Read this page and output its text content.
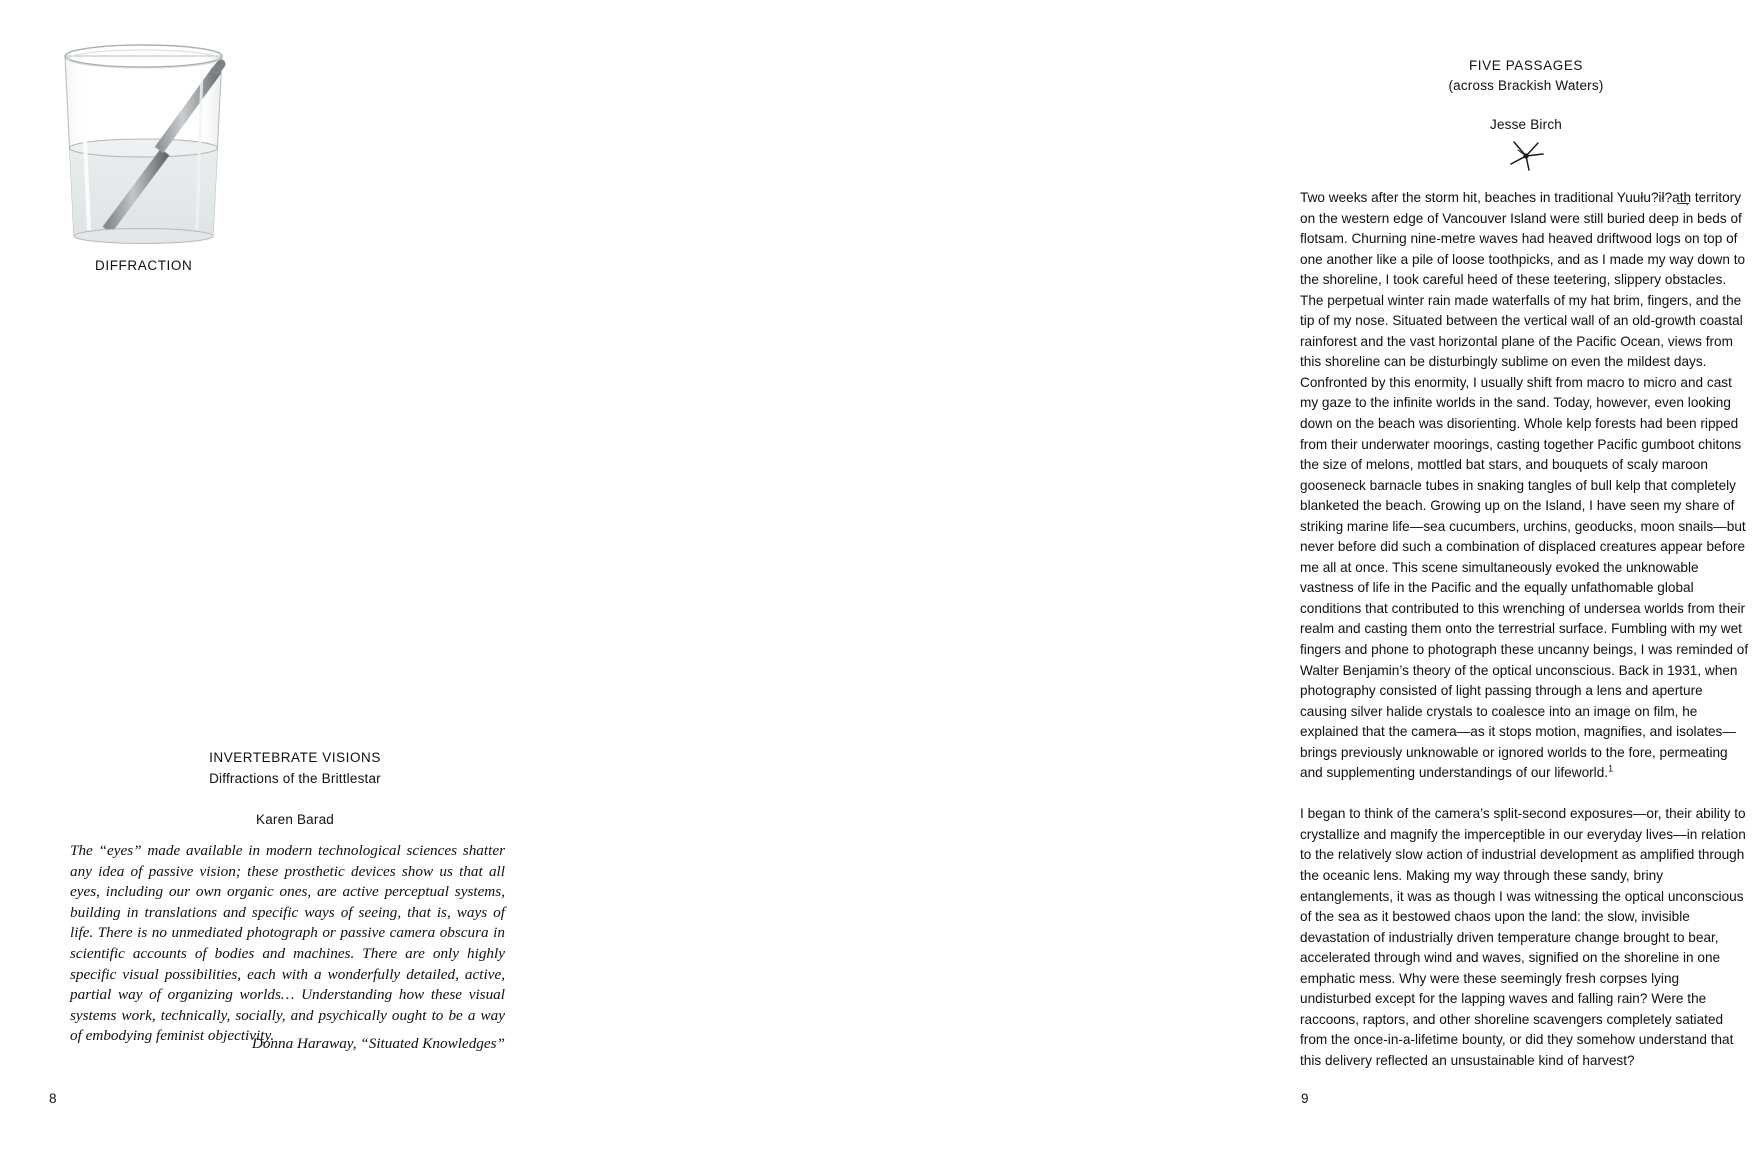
DIFFRACTION
INVERTEBRATE VISIONS
Diffractions of the Brittlestar
Karen Barad
The “eyes” made available in modern technological sciences shatter any idea of passive vision; these prosthetic devices show us that all eyes, including our own organic ones, are active perceptual systems, building in translations and specific ways of seeing, that is, ways of life. There is no unmediated photograph or passive camera obscura in scientific accounts of bodies and machines. There are only highly specific visual possibilities, each with a wonderfully detailed, active, partial way of organizing worlds… Understanding how these visual systems work, technically, socially, and psychically ought to be a way of embodying feminist objectivity.
Donna Haraway, “Situated Knowledges”
8
FIVE PASSAGES
(across Brackish Waters)
Jesse Birch

Two weeks after the storm hit, beaches in traditional Yuułu?ił?at͟h̩ territory on the western edge of Vancouver Island were still buried deep in beds of flotsam. Churning nine-metre waves had heaved driftwood logs on top of one another like a pile of loose toothpicks, and as I made my way down to the shoreline, I took careful heed of these teetering, slippery obstacles. The perpetual winter rain made waterfalls of my hat brim, fingers, and the tip of my nose. Situated between the vertical wall of an old-growth coastal rainforest and the vast horizontal plane of the Pacific Ocean, views from this shoreline can be disturbingly sublime on even the mildest days. Confronted by this enormity, I usually shift from macro to micro and cast my gaze to the infinite worlds in the sand. Today, however, even looking down on the beach was disorienting. Whole kelp forests had been ripped from their underwater moorings, casting together Pacific gumboot chitons the size of melons, mottled bat stars, and bouquets of scaly maroon gooseneck barnacle tubes in snaking tangles of bull kelp that completely blanketed the beach. Growing up on the Island, I have seen my share of striking marine life—sea cucumbers, urchins, geoducks, moon snails—but never before did such a combination of displaced creatures appear before me all at once. This scene simultaneously evoked the unknowable vastness of life in the Pacific and the equally unfathomable global conditions that contributed to this wrenching of undersea worlds from their realm and casting them onto the terrestrial surface. Fumbling with my wet fingers and phone to photograph these uncanny beings, I was reminded of Walter Benjamin’s theory of the optical unconscious. Back in 1931, when photography consisted of light passing through a lens and aperture causing silver halide crystals to coalesce into an image on film, he explained that the camera—as it stops motion, magnifies, and isolates—brings previously unknowable or ignored worlds to the fore, permeating and supplementing understandings of our lifeworld.$^1$

I began to think of the camera’s split-second exposures—or, their ability to crystallize and magnify the imperceptible in our everyday lives—in relation to the relatively slow action of industrial development as amplified through the oceanic lens. Making my way through these sandy, briny entanglements, it was as though I was witnessing the optical unconscious of the sea as it bestowed chaos upon the land: the slow, invisible devastation of industrially driven temperature change brought to bear, accelerated through wind and waves, signified on the shoreline in one emphatic mess. Why were these seemingly fresh corpses lying undisturbed except for the lapping waves and falling rain? Were the raccoons, raptors, and other shoreline scavengers completely satiated from the once-in-a-lifetime bounty, or did they somehow understand that this delivery reflected an unsustainable kind of harvest?

9
